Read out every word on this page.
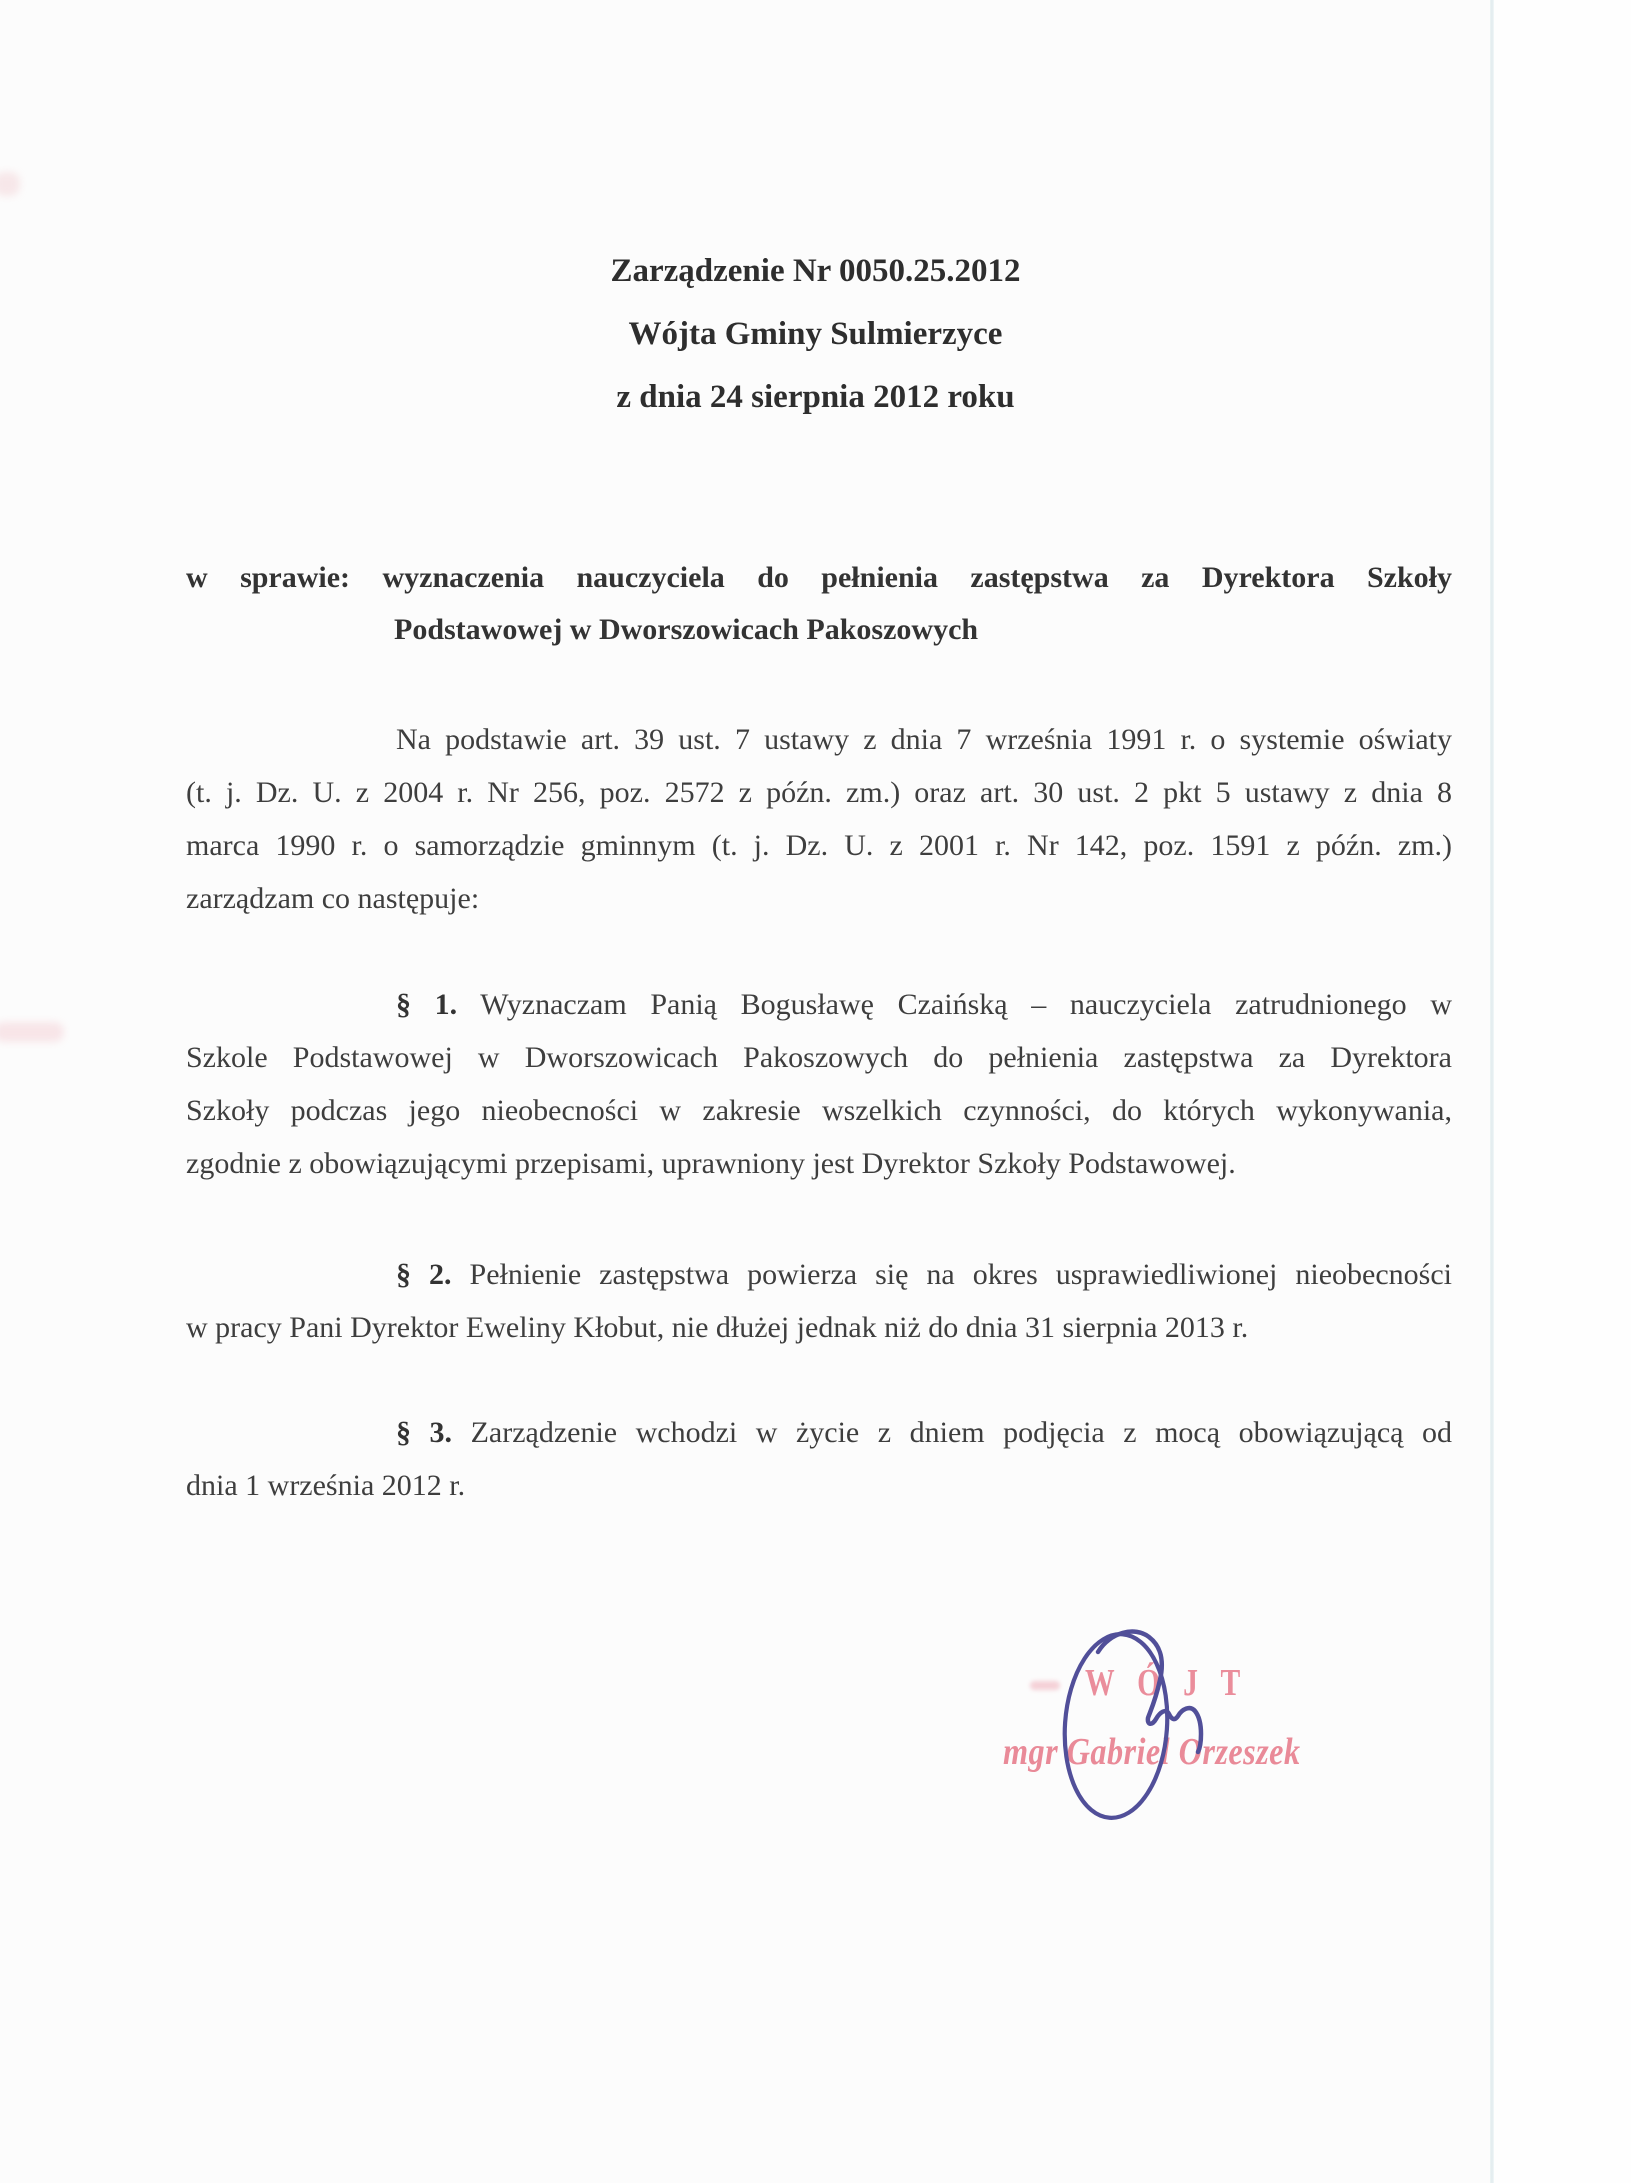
Zarządzenie Nr 0050.25.2012
Wójta Gminy Sulmierzyce
z dnia 24 sierpnia 2012 roku
w sprawie: wyznaczenia nauczyciela do pełnienia zastępstwa za Dyrektora Szkoły
Podstawowej w Dworszowicach Pakoszowych
Na podstawie art. 39 ust. 7 ustawy z dnia 7 września 1991 r. o systemie oświaty
(t. j. Dz. U. z 2004 r. Nr 256, poz. 2572 z późn. zm.) oraz art. 30 ust. 2 pkt 5 ustawy z dnia 8
marca 1990 r. o samorządzie gminnym (t. j. Dz. U. z 2001 r. Nr 142, poz. 1591 z późn. zm.)
zarządzam co następuje:
§ 1. Wyznaczam Panią Bogusławę Czaińską – nauczyciela zatrudnionego w
Szkole Podstawowej w Dworszowicach Pakoszowych do pełnienia zastępstwa za Dyrektora
Szkoły podczas jego nieobecności w zakresie wszelkich czynności, do których wykonywania,
zgodnie z obowiązującymi przepisami, uprawniony jest Dyrektor Szkoły Podstawowej.
§ 2. Pełnienie zastępstwa powierza się na okres usprawiedliwionej nieobecności
w pracy Pani Dyrektor Eweliny Kłobut, nie dłużej jednak niż do dnia 31 sierpnia 2013 r.
§ 3. Zarządzenie wchodzi w życie z dniem podjęcia z mocą obowiązującą od
dnia 1 września 2012 r.
W Ó J T
mgr Gabriel Orzeszek
